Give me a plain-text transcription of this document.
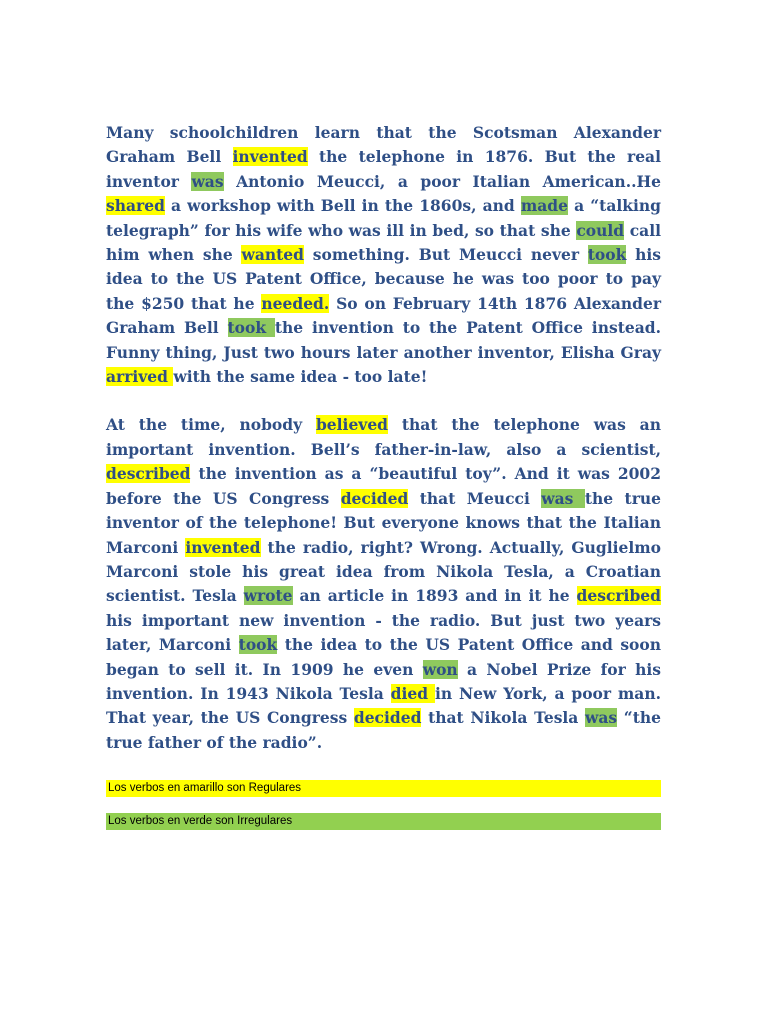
Many schoolchildren learn that the Scotsman Alexander Graham Bell invented the telephone in 1876. But the real inventor was Antonio Meucci, a poor Italian American..He shared a workshop with Bell in the 1860s, and made a “talking telegraph” for his wife who was ill in bed, so that she could call him when she wanted something. But Meucci never took his idea to the US Patent Office, because he was too poor to pay the $250 that he needed. So on February 14th 1876 Alexander Graham Bell took the invention to the Patent Office instead. Funny thing, Just two hours later another inventor, Elisha Gray arrived with the same idea - too late!

At the time, nobody believed that the telephone was an important invention. Bell’s father-in-law, also a scientist, described the invention as a “beautiful toy”. And it was 2002 before the US Congress decided that Meucci was the true inventor of the telephone! But everyone knows that the Italian Marconi invented the radio, right? Wrong. Actually, Guglielmo Marconi stole his great idea from Nikola Tesla, a Croatian scientist. Tesla wrote an article in 1893 and in it he described his important new invention - the radio. But just two years later, Marconi took the idea to the US Patent Office and soon began to sell it. In 1909 he even won a Nobel Prize for his invention. In 1943 Nikola Tesla died in New York, a poor man. That year, the US Congress decided that Nikola Tesla was “the true father of the radio”.

Los verbos en amarillo son Regulares
Los verbos en verde son Irregulares
